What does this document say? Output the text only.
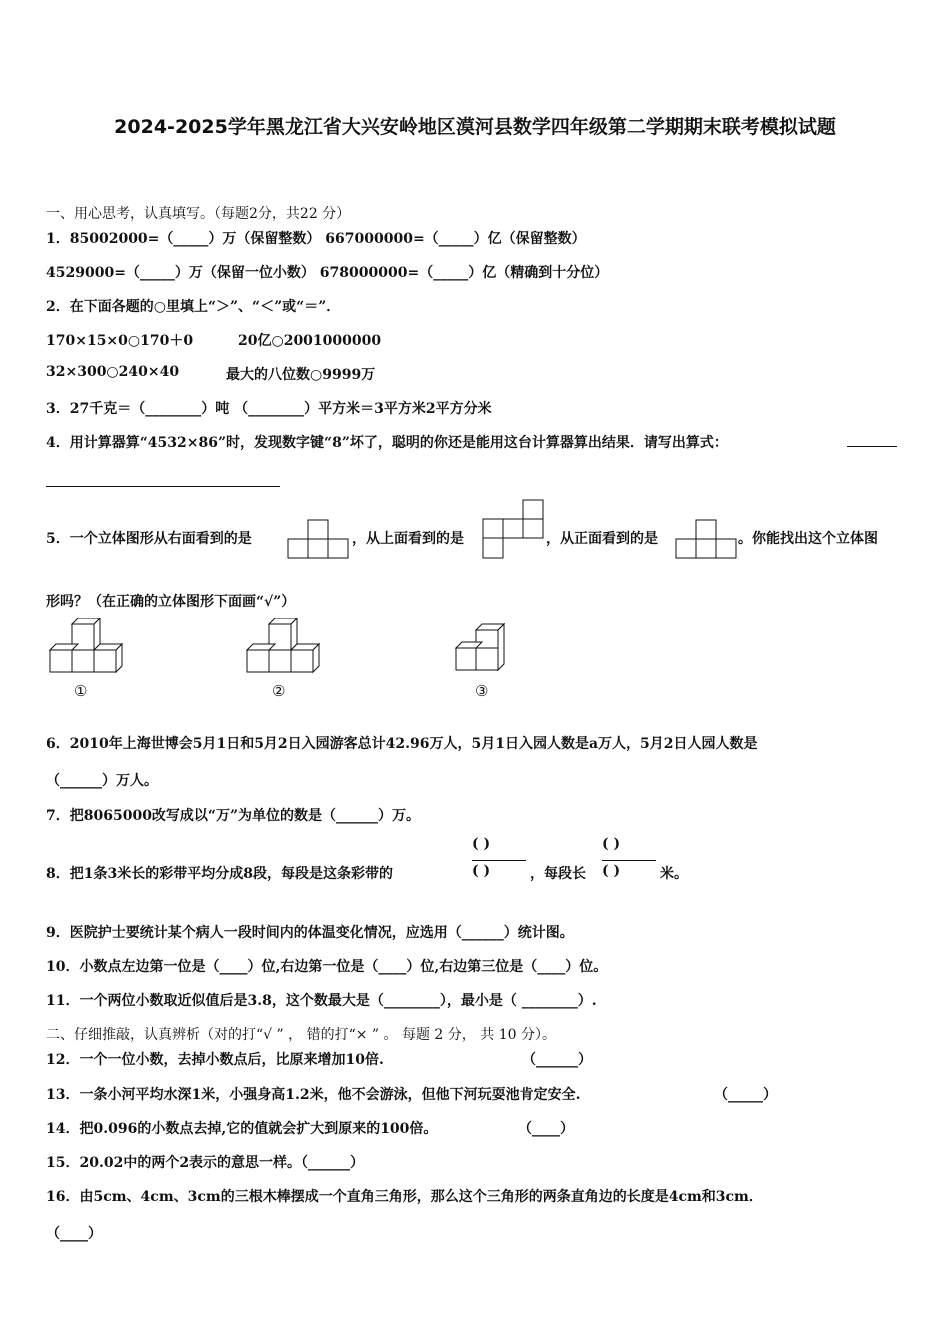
2024-2025学年黑龙江省大兴安岭地区漠河县数学四年级第二学期期末联考模拟试题
一、用心思考，认真填写。（每题2分，共22 分）
1．85002000=（_____）万（保留整数） 667000000=（_____）亿（保留整数）
4529000=（_____）万（保留一位小数） 678000000=（_____）亿（精确到十分位）
2．在下面各题的○里填上“＞”、“＜”或“＝”．
170×15×0○170＋0	20亿○2001000000
32×300○240×40	最大的八位数○9999万
3．27千克＝（________）吨 （________）平方米＝3平方米2平方分米
4．用计算器算“4532×86”时，发现数字键“8”坏了，聪明的你还是能用这台计算器算出结果．请写出算式：
5．一个立体图形从右面看到的是	，从上面看到的是	，从正面看到的是	。你能找出这个立体图
形吗？（在正确的立体图形下面画“√”）
①	②	③
6．2010年上海世博会5月1日和5月2日入园游客总计42.96万人，5月1日入园人数是a万人，5月2日人园人数是
（______）万人。
7．把8065000改写成以“万”为单位的数是（______）万。
8．把1条3米长的彩带平均分成8段，每段是这条彩带的
( )
( )	，每段长
( )
( )	米。
9．医院护士要统计某个病人一段时间内的体温变化情况，应选用（______）统计图。
10．小数点左边第一位是（____）位,右边第一位是（____）位,右边第三位是（____）位。
11．一个两位小数取近似值后是3.8，这个数最大是（________），最小是（ ________）.
二、仔细推敲，认真辨析（对的打“√ ” ， 错的打“× ” 。 每题 2 分， 共 10 分）。
12．一个一位小数，去掉小数点后，比原来增加10倍.	（______）
13．一条小河平均水深1米，小强身高1.2米，他不会游泳，但他下河玩耍池肯定安全.	（_____）
14．把0.096的小数点去掉,它的值就会扩大到原来的100倍。	（____）
15．20.02中的两个2表示的意思一样。（______）
16．由5cm、4cm、3cm的三根木棒摆成一个直角三角形，那么这个三角形的两条直角边的长度是4cm和3cm．
（____）
